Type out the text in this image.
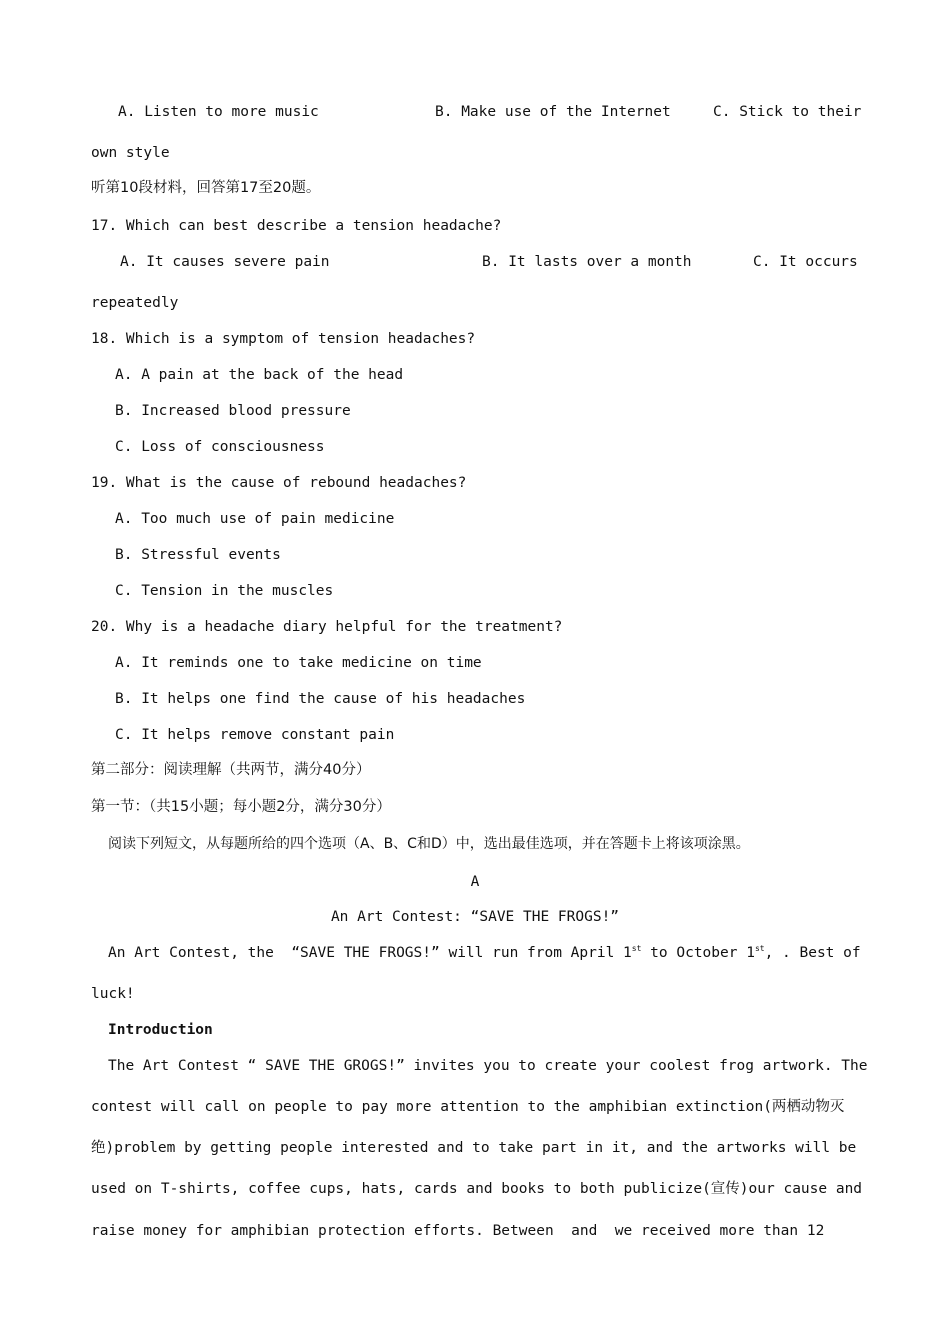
A. Listen to more music	B. Make use of the Internet	C. Stick to their
own style
听第10段材料，回答第17至20题。
17. Which can best describe a tension headache?
A. It causes severe pain	B. It lasts over a month	C. It occurs
repeatedly
18. Which is a symptom of tension headaches?
A. A pain at the back of the head
B. Increased blood pressure
C. Loss of consciousness
19. What is the cause of rebound headaches?
A. Too much use of pain medicine
B. Stressful events
C. Tension in the muscles
20. Why is a headache diary helpful for the treatment?
A. It reminds one to take medicine on time
B. It helps one find the cause of his headaches
C. It helps remove constant pain
第二部分：阅读理解（共两节，满分40分）
第一节：（共15小题；每小题2分，满分30分）
阅读下列短文，从每题所给的四个选项（A、B、C和D）中，选出最佳选项，并在答题卡上将该项涂黑。
A
An Art Contest: “SAVE THE FROGS!”
An Art Contest, the  “SAVE THE FROGS!” will run from April 1st to October 1st, . Best of
luck!
Introduction
The Art Contest “ SAVE THE GROGS!” invites you to create your coolest frog artwork. The
contest will call on people to pay more attention to the amphibian extinction(两栖动物灭
绝)problem by getting people interested and to take part in it, and the artworks will be
used on T-shirts, coffee cups, hats, cards and books to both publicize(宣传)our cause and
raise money for amphibian protection efforts. Between  and  we received more than 12
